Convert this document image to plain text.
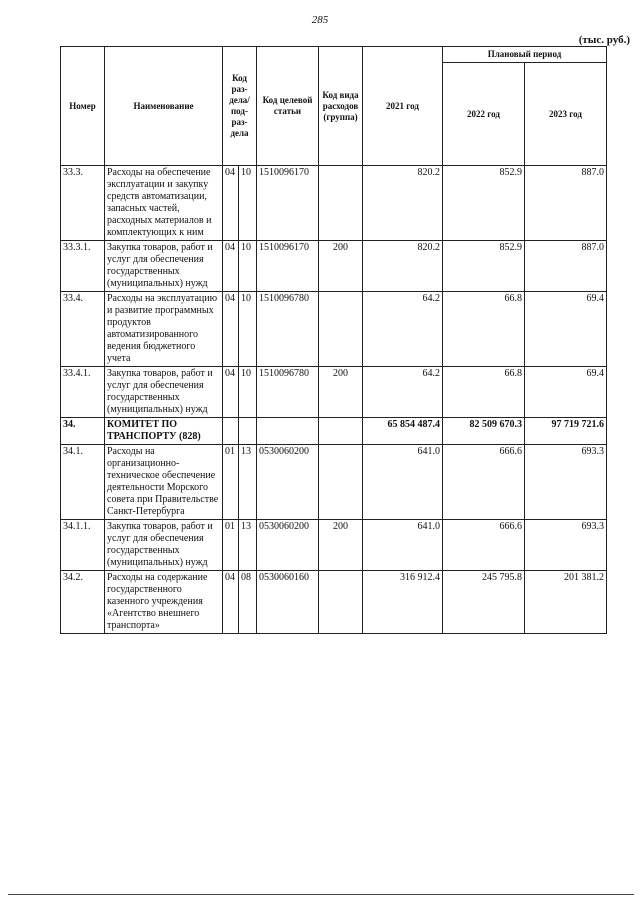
285
(тыс. руб.)
Номер	Наименование	Код раз-дела/ под-раз-дела		Код целевой статьи	Код вида расходов (группа)	2021 год	Плановый период	
							2022 год	2023 год
33.3.	Расходы на обеспечение эксплуатации и закупку средств автоматизации, запасных частей, расходных материалов и комплектующих к ним	04	10	1510096170		820.2	852.9	887.0
33.3.1.	Закупка товаров, работ и услуг для обеспечения государственных (муниципальных) нужд	04	10	1510096170	200	820.2	852.9	887.0
33.4.	Расходы на эксплуатацию и развитие программных продуктов автоматизированного ведения бюджетного учета	04	10	1510096780		64.2	66.8	69.4
33.4.1.	Закупка товаров, работ и услуг для обеспечения государственных (муниципальных) нужд	04	10	1510096780	200	64.2	66.8	69.4
34.	КОМИТЕТ ПО ТРАНСПОРТУ (828)					65 854 487.4	82 509 670.3	97 719 721.6
34.1.	Расходы на организационно-техническое обеспечение деятельности Морского совета при Правительстве Санкт-Петербурга	01	13	0530060200		641.0	666.6	693.3
34.1.1.	Закупка товаров, работ и услуг для обеспечения государственных (муниципальных) нужд	01	13	0530060200	200	641.0	666.6	693.3
34.2.	Расходы на содержание государственного казенного учреждения «Агентство внешнего транспорта»	04	08	0530060160		316 912.4	245 795.8	201 381.2
